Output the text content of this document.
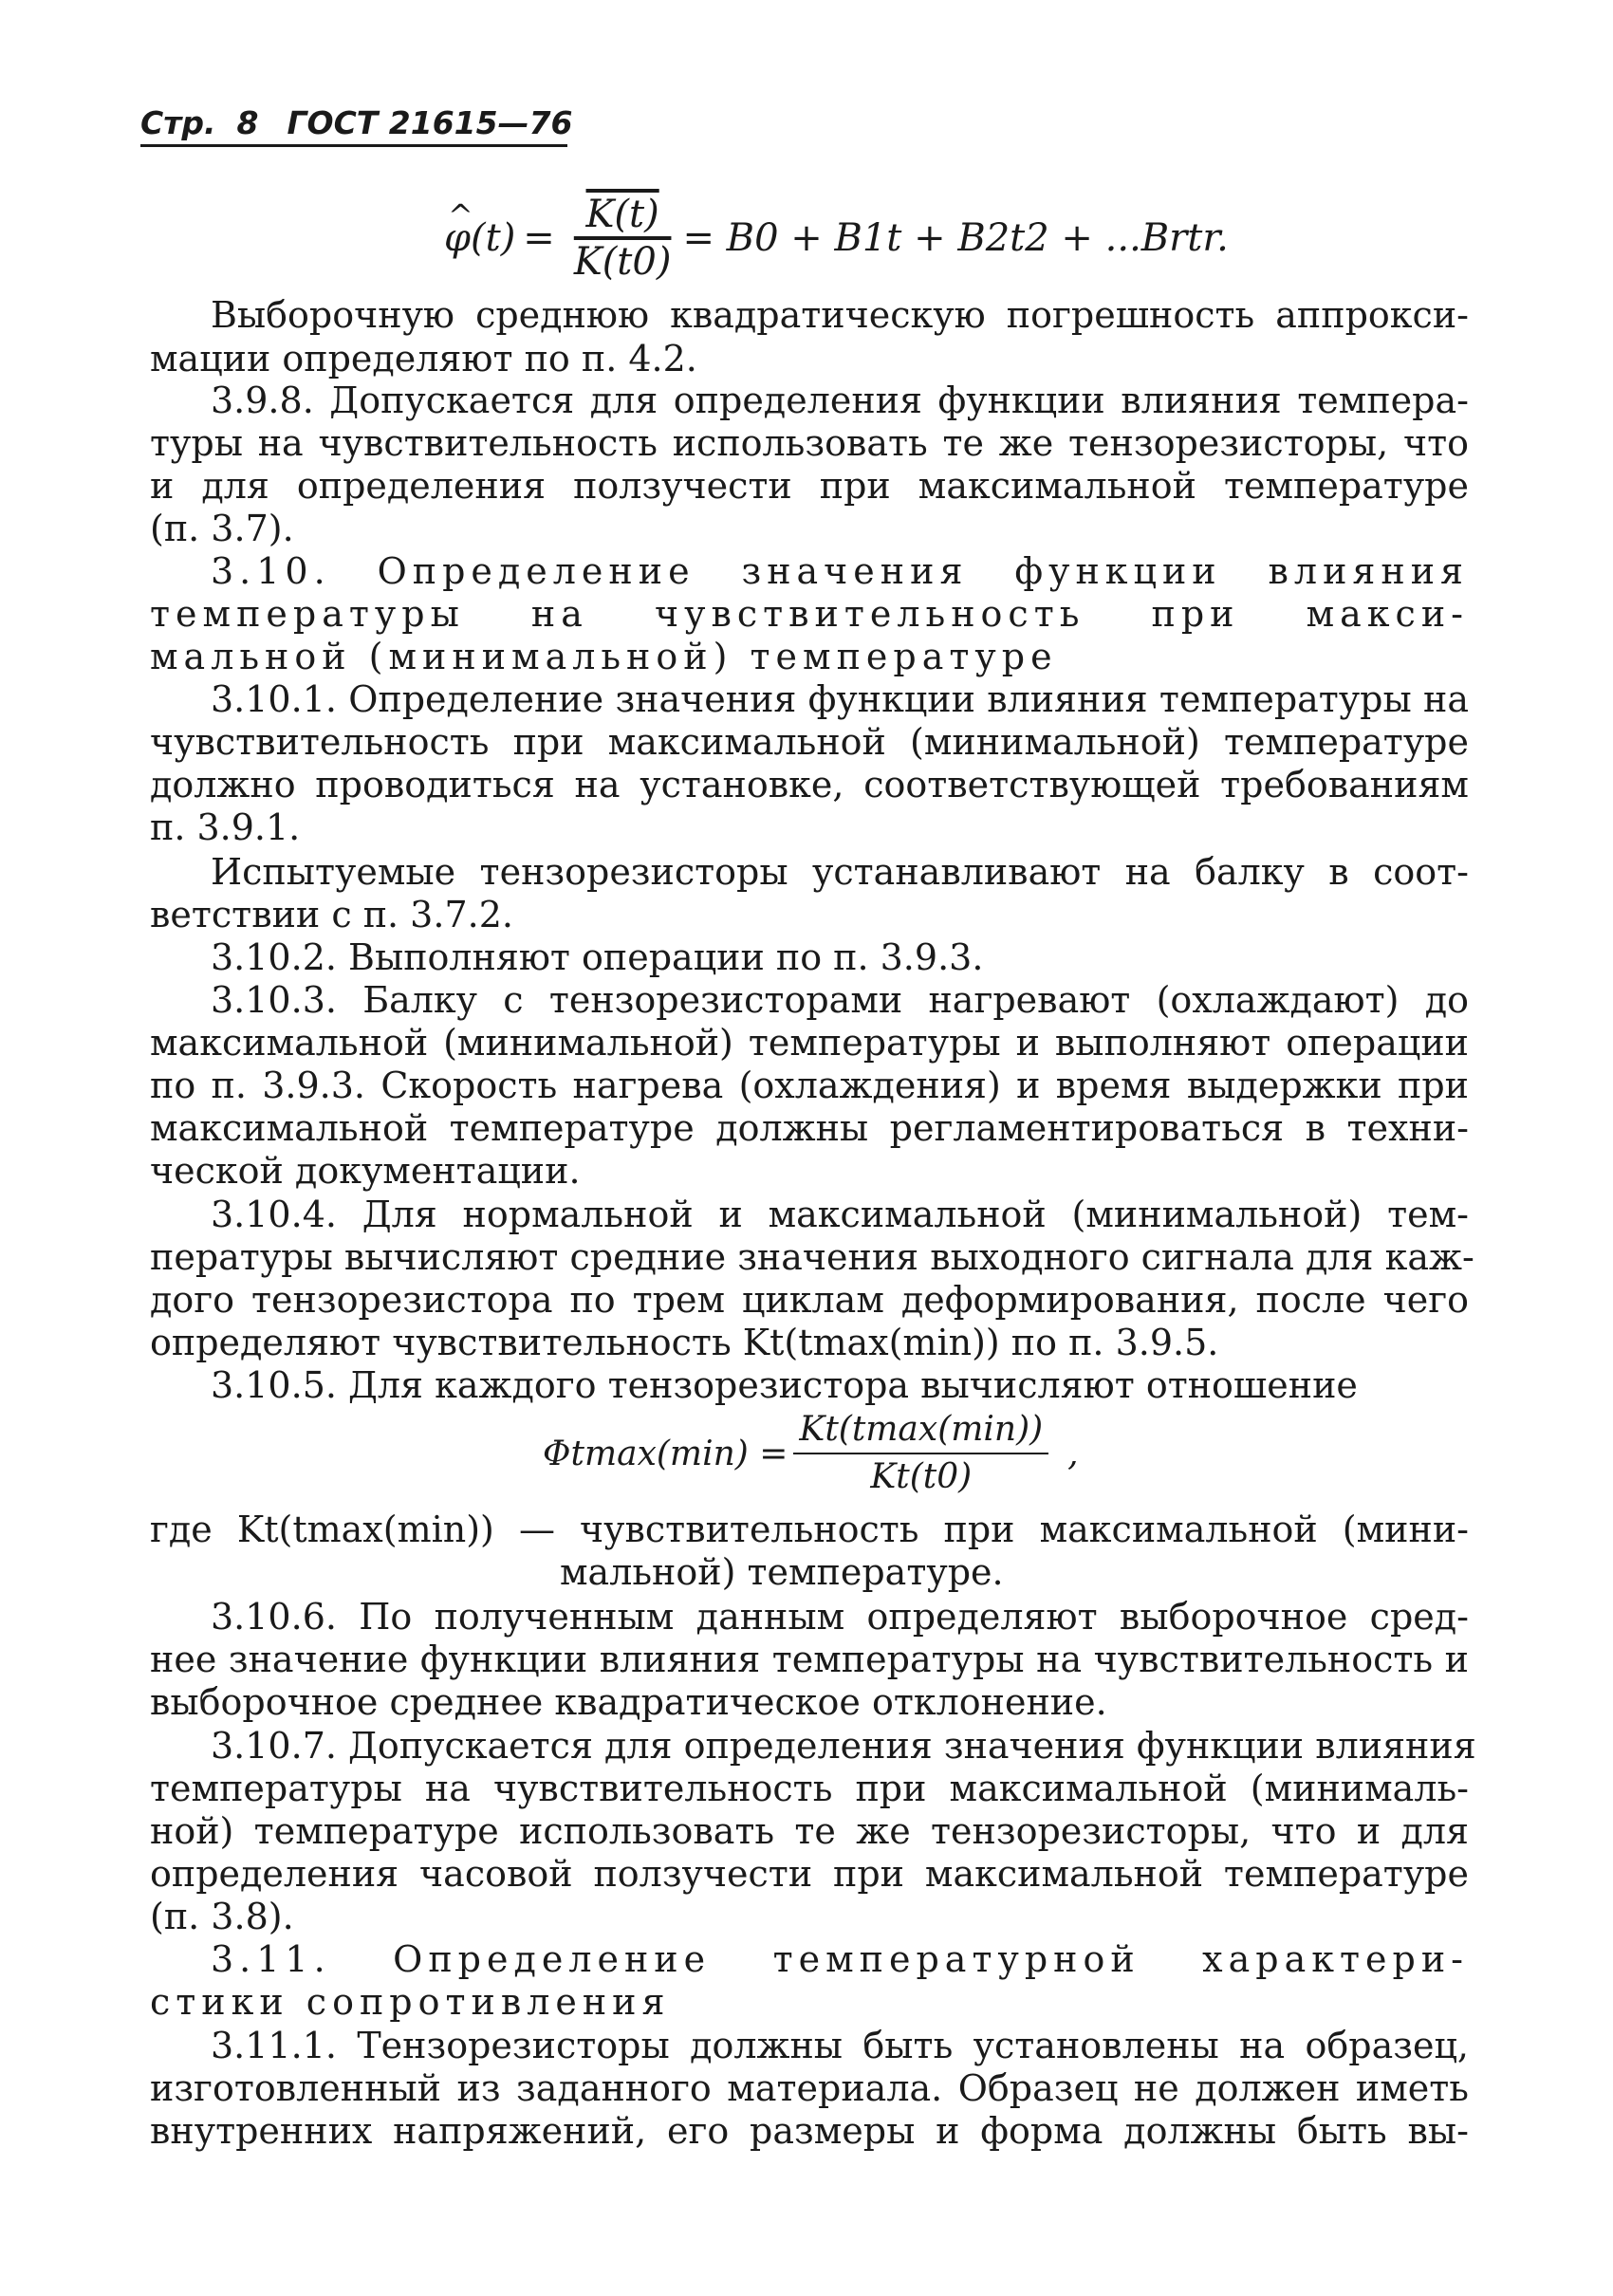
Стр. 8 ГОСТ 21615—76
^ $\varphi(t) = \frac{K(t)}{K(t0)} = B0 + B1t + B2t2$ + ...Brtr.
Выборочную среднюю квадратическую погрешность аппрокси-
мации определяют по п. 4.2.
3.9.8. Допускается для определения функции влияния темпера-
туры на чувствительность использовать те же тензорезисторы, что
и для определения ползучести при максимальной температуре
(п. 3.7).
3.10. Определение значения функции влияния
температуры на чувствительность при макси-
мальной (минимальной) температуре
3.10.1. Определение значения функции влияния температуры на
чувствительность при максимальной (минимальной) температуре
должно проводиться на установке, соответствующей требованиям
п. 3.9.1.
Испытуемые тензорезисторы устанавливают на балку в соот-
ветствии с п. 3.7.2.
3.10.2. Выполняют операции по п. 3.9.3.
3.10.3. Балку с тензорезисторами нагревают (охлаждают) до
максимальной (минимальной) температуры и выполняют операции
по п. 3.9.3. Скорость нагрева (охлаждения) и время выдержки при
максимальной температуре должны регламентироваться в техни-
ческой документации.
3.10.4. Для нормальной и максимальной (минимальной) тем-
пературы вычисляют средние значения выходного сигнала для каж-
дого тензорезистора по трем циклам деформирования, после чего
определяют чувствительность Kt(tmax(min)) по п. 3.9.5.
3.10.5. Для каждого тензорезистора вычисляют отношение
$\Phi tmax(\min) = \frac{Kt(tmax(\min))}{Kt(t0)}$ ,
где Kt(tmax(min)) — чувствительность при максимальной (мини-
мальной) температуре.
3.10.6. По полученным данным определяют выборочное сред-
нее значение функции влияния температуры на чувствительность и
выборочное среднее квадратическое отклонение.
3.10.7. Допускается для определения значения функции влияния
температуры на чувствительность при максимальной (минималь-
ной) температуре использовать те же тензорезисторы, что и для
определения часовой ползучести при максимальной температуре
(п. 3.8).
3.11. Определение температурной характери-
стики сопротивления
3.11.1. Тензорезисторы должны быть установлены на образец,
изготовленный из заданного материала. Образец не должен иметь
внутренних напряжений, его размеры и форма должны быть вы-
